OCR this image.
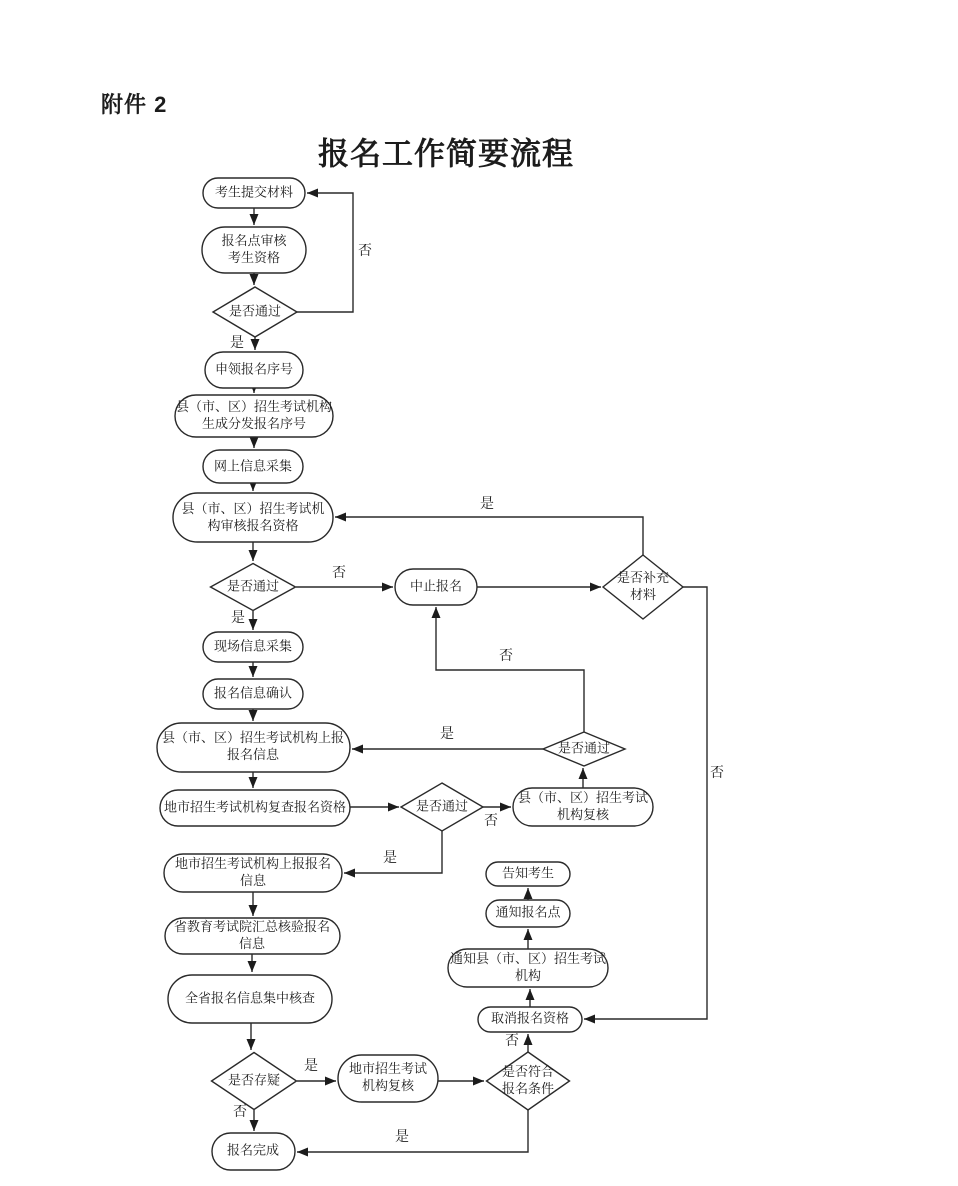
附件 2
报名工作简要流程
考生提交材料
报名点审核
考生资格
是否通过
申领报名序号
县（市、区）招生考试机构
生成分发报名序号
网上信息采集
县（市、区）招生考试机
构审核报名资格
是否通过	中止报名
是否补充
材料
现场信息采集
报名信息确认
县（市、区）招生考试机构上报
报名信息
地市招生考试机构复查报名资格	是否通过
县（市、区）招生考试
机构复核
是否通过
地市招生考试机构上报报名
信息
省教育考试院汇总核验报名
信息
全省报名信息集中核查
是否存疑
地市招生考试
机构复核
是否符合
报名条件
报名完成
告知考生
通知报名点
通知县（市、区）招生考试
机构
取消报名资格
否
是
是
是
否
否
否
是
否
是
是
否
是
否
